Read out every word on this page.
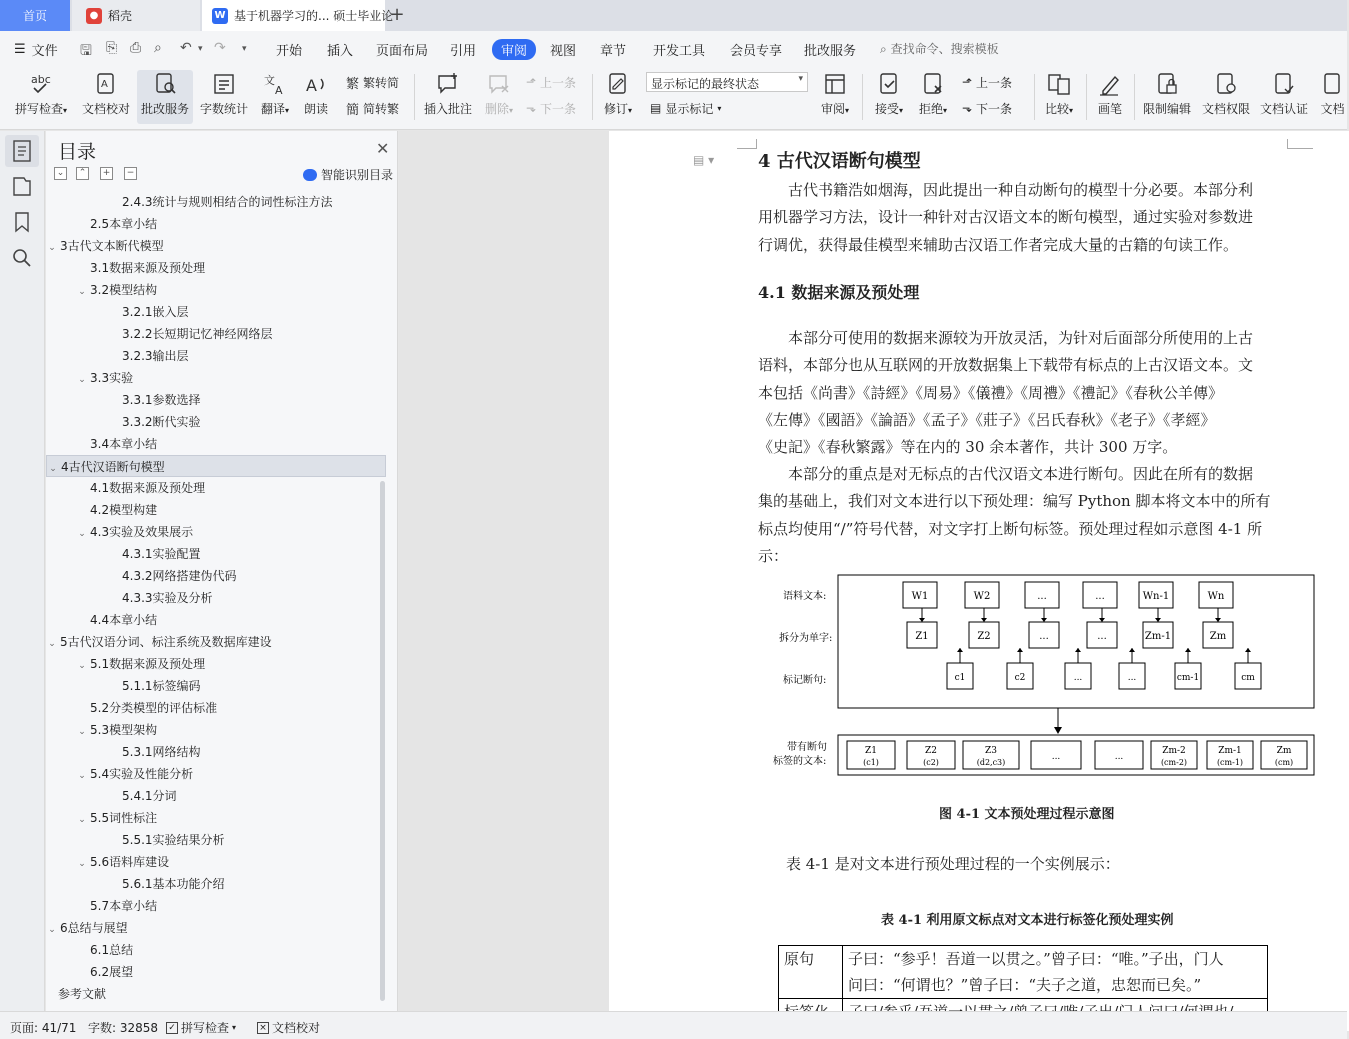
首页	● 稻壳	W 基于机器学习的... 硕士毕业论
+
☰ 文件 🖫 ⎘ ⎙ ⌕ ↶ ▾ ↷ ▾ 开始 插入 页面布局 引用	审阅	视图 章节 开发工具 会员专享 批改服务 ⌕ 查找命令、搜索模板
abc
拼写检查▾
A
文档校对 批改服务 字数统计
文
A
翻译▾
A
朗读
繁 繁转简
簡 简转繁 插入批注	删除▾
⬏ 上一条
⬎ 下一条	修订▾
显示标记的最终状态	▾
▤ 显示标记 ▾	审阅▾	接受▾	拒绝▾
⬏ 上一条
⬎ 下一条	比较▾	画笔	限制编辑 文档权限 文档认证 文档
目录	✕
⌄	⌃	+	−	智能识别目录
2.4.3统计与规则相结合的词性标注方法
2.5本章小结
⌄ 3古代文本断代模型
3.1数据来源及预处理
⌄ 3.2模型结构
3.2.1嵌入层
3.2.2长短期记忆神经网络层
3.2.3输出层
⌄ 3.3实验
3.3.1参数选择
3.3.2断代实验
3.4本章小结
⌄ 4古代汉语断句模型
4.1数据来源及预处理
4.2模型构建
⌄ 4.3实验及效果展示
4.3.1实验配置
4.3.2网络搭建伪代码
4.3.3实验及分析
4.4本章小结
⌄ 5古代汉语分词、标注系统及数据库建设
⌄ 5.1数据来源及预处理
5.1.1标签编码
5.2分类模型的评估标准
⌄ 5.3模型架构
5.3.1网络结构
⌄ 5.4实验及性能分析
5.4.1分词
⌄ 5.5词性标注
5.5.1实验结果分析
⌄ 5.6语料库建设
5.6.1基本功能介绍
5.7本章小结
⌄ 6总结与展望
6.1总结
6.2展望
参考文献
▤ ▾ 4 古代汉语断句模型
　　古代书籍浩如烟海，因此提出一种自动断句的模型十分必要。本部分利
用机器学习方法，设计一种针对古汉语文本的断句模型，通过实验对参数进
行调优，获得最佳模型来辅助古汉语工作者完成大量的古籍的句读工作。
4.1 数据来源及预处理
　　本部分可使用的数据来源较为开放灵活，为针对后面部分所使用的上古
语料，本部分也从互联网的开放数据集上下载带有标点的上古汉语文本。文
本包括《尚書》《詩經》《周易》《儀禮》《周禮》《禮記》《春秋公羊傳》
《左傳》《國語》《論語》《孟子》《莊子》《呂氏春秋》《老子》《孝經》
《史記》《春秋繁露》等在内的 30 余本著作，共计 300 万字。
　　本部分的重点是对无标点的古代汉语文本进行断句。因此在所有的数据
集的基础上，我们对文本进行以下预处理：编写 Python 脚本将文本中的所有
标点均使用“/”符号代替，对文字打上断句标签。预处理过程如示意图 4-1 所
示：
语料文本:
拆分为单字:
标记断句:
W1	W2	...	...	Wn-1	Wn
Z1	Z2	...	...	Zm-1	Zm
c1	c2	...	...	cm-1	cm
带有断句
标签的文本:
Z1
(c1)
Z2
(c2)
Z3
(d2,c3)
...	...
Zm-2
(cm-2)
Zm-1
(cm-1)
Zm
(cm)
图 4-1 文本预处理过程示意图
表 4-1 是对文本进行预处理过程的一个实例展示：
表 4-1 利用原文标点对文本进行标签化预处理实例
原句	子曰：“参乎！吾道一以贯之。”曾子曰：“唯。”子出，门人
问曰：“何谓也？”曾子曰：“夫子之道，忠恕而已矣。”

页面: 41/71 字数: 32858 ✓ 拼写检查 ▾	× 文档校对
